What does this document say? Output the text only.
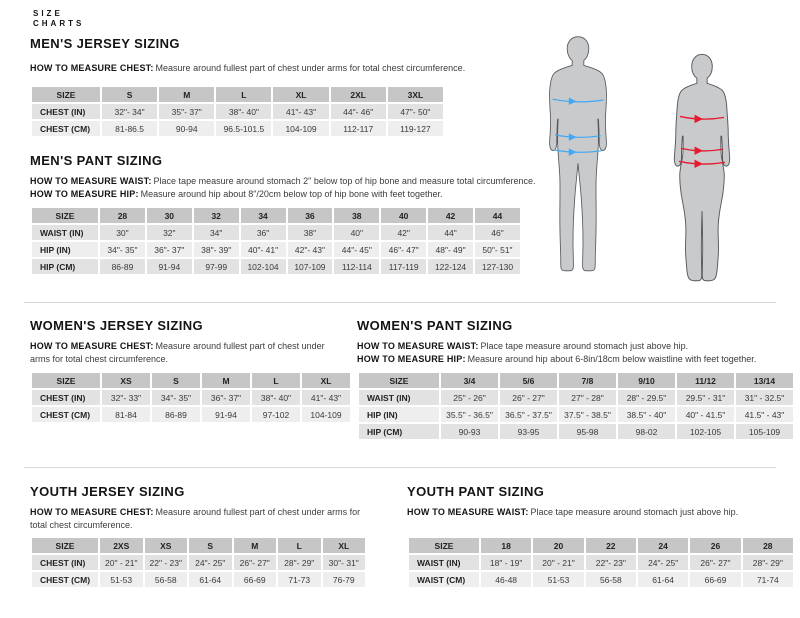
SIZE
CHARTS
MEN'S JERSEY SIZING

HOW TO MEASURE CHEST: Measure around fullest part of chest under arms for total chest circumference.

SIZE	S	M	L	XL	2XL	3XL
CHEST (IN)	32"- 34"	35"- 37"	38"- 40"	41"- 43"	44"- 46"	47"- 50"
CHEST (CM)	81-86.5	90-94	96.5-101.5	104-109	112-117	119-127
MEN'S PANT SIZING
HOW TO MEASURE WAIST: Place tape measure around stomach 2" below top of hip bone and measure total circumference.
HOW TO MEASURE HIP: Measure around hip about 8"/20cm below top of hip bone with feet together.
SIZE	28	30	32	34	36	38	40	42	44
WAIST (IN)	30"	32"	34"	36"	38"	40"	42"	44"	46"
HIP (IN)	34"- 35"	36"- 37"	38"- 39"	40"- 41"	42"- 43"	44"- 45"	46"- 47"	48"- 49"	50"- 51"
HIP (CM)	86-89	91-94	97-99	102-104	107-109	112-114	117-119	122-124	127-130
WOMEN'S JERSEY SIZING

HOW TO MEASURE CHEST: Measure around fullest part of chest under arms for total chest circumference.

SIZE	XS	S	M	L	XL
CHEST (IN)	32"- 33"	34"- 35"	36"- 37"	38"- 40"	41"- 43"
CHEST (CM)	81-84	86-89	91-94	97-102	104-109
WOMEN'S PANT SIZING
HOW TO MEASURE WAIST: Place tape measure around stomach just above hip.
HOW TO MEASURE HIP: Measure around hip about 6-8in/18cm below waistline with feet together.
SIZE	3/4	5/6	7/8	9/10	11/12	13/14
WAIST (IN)	25" - 26"	26" - 27"	27" - 28"	28" - 29.5"	29.5" - 31"	31" - 32.5"
HIP (IN)	35.5" - 36.5"	36.5" - 37.5"	37.5" - 38.5"	38.5" - 40"	40" - 41.5"	41.5" - 43"
HIP (CM)	90-93	93-95	95-98	98-02	102-105	105-109
YOUTH JERSEY SIZING

HOW TO MEASURE CHEST: Measure around fullest part of chest under arms for total chest circumference.

SIZE	2XS	XS	S	M	L	XL
CHEST (IN)	20" - 21"	22" - 23"	24"- 25"	26"- 27"	28"- 29"	30"- 31"
CHEST (CM)	51-53	56-58	61-64	66-69	71-73	76-79
YOUTH PANT SIZING

HOW TO MEASURE WAIST: Place tape measure around stomach just above hip.

SIZE	18	20	22	24	26	28
WAIST (IN)	18" - 19"	20" - 21"	22"- 23"	24"- 25"	26"- 27"	28"- 29"
WAIST (CM)	46-48	51-53	56-58	61-64	66-69	71-74
